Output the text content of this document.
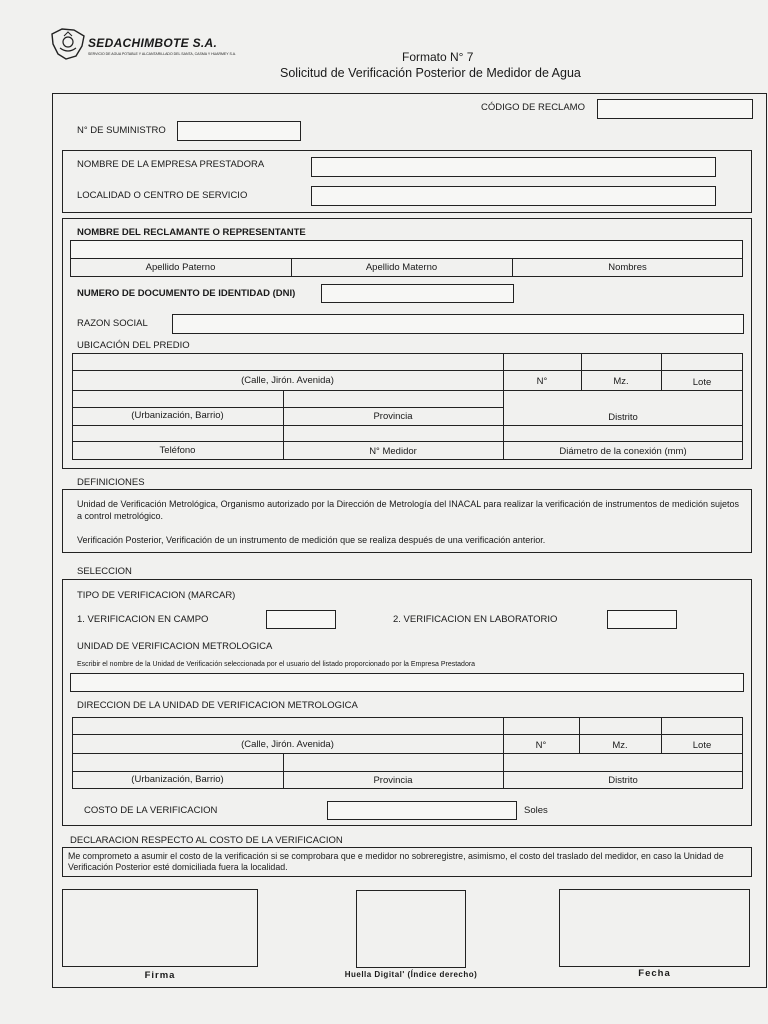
SEDACHIMBOTE S.A.
SERVICIO DE AGUA POTABLE Y ALCANTARILLADO DEL SANTA, CASMA Y HUARMEY S.A.	Formato N° 7
Solicitud de Verificación Posterior de Medidor de Agua
CÓDIGO DE RECLAMO
N° DE SUMINISTRO
NOMBRE DE LA EMPRESA PRESTADORA
LOCALIDAD O CENTRO DE SERVICIO
NOMBRE DEL RECLAMANTE O REPRESENTANTE
Apellido Paterno	Apellido Materno	Nombres
NUMERO DE DOCUMENTO DE IDENTIDAD (DNI)
RAZON SOCIAL
UBICACIÓN DEL PREDIO
(Calle, Jirón. Avenida)	N°	Mz.	Lote
(Urbanización, Barrio)	Provincia	Distrito
Teléfono	N° Medidor	Diámetro de la conexión (mm)
DEFINICIONES
Unidad de Verificación Metrológica, Organismo autorizado por la Dirección de Metrología del INACAL para realizar la verificación de instrumentos de medición sujetos a control metrológico.
Verificación Posterior, Verificación de un instrumento de medición que se realiza después de una verificación anterior.
SELECCION
TIPO DE VERIFICACION (MARCAR)
1. VERIFICACION EN CAMPO	2. VERIFICACION EN LABORATORIO
UNIDAD DE VERIFICACION METROLOGICA
Escribir el nombre de la Unidad de Verificación seleccionada por el usuario del listado proporcionado por la Empresa Prestadora
DIRECCION DE LA UNIDAD DE VERIFICACION METROLOGICA
(Calle, Jirón. Avenida)	N°	Mz.	Lote
(Urbanización, Barrio)	Provincia	Distrito
COSTO DE LA VERIFICACION	Soles
DECLARACION RESPECTO AL COSTO DE LA VERIFICACION
Me comprometo a asumir el costo de la verificación si se comprobara que e medidor no sobreregistre, asimismo, el costo del traslado del medidor, en caso la Unidad de Verificación Posterior esté domiciliada fuera la localidad.
Firma	Huella Digital' (Índice derecho)	Fecha
